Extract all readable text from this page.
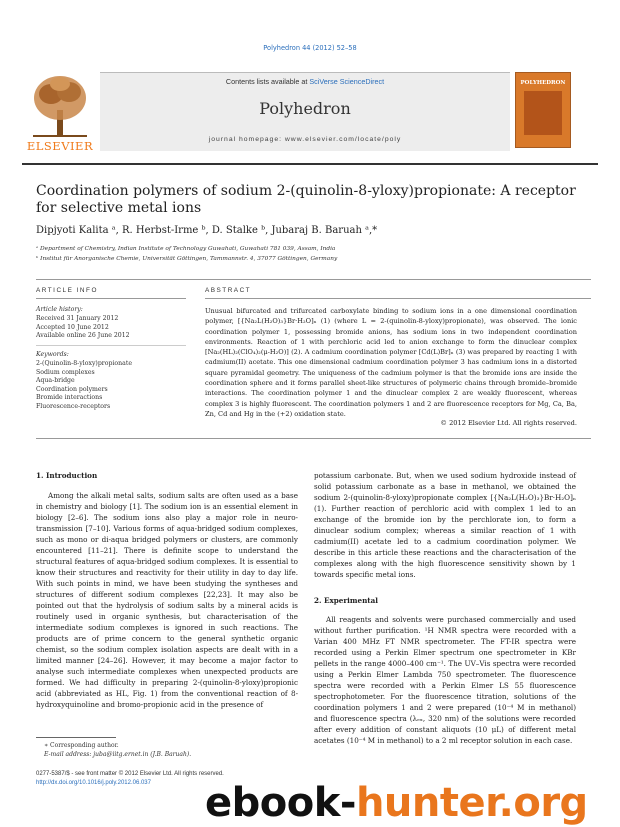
Polyhedron 44 (2012) 52–58
ELSEVIER
Contents lists available at SciVerse ScienceDirect
Polyhedron
journal homepage: www.elsevier.com/locate/poly
POLYHEDRON
Coordination polymers of sodium 2-(quinolin-8-yloxy)propionate: A receptor for selective metal ions
Dipjyoti Kalita ᵃ, R. Herbst-Irme ᵇ, D. Stalke ᵇ, Jubaraj B. Baruah ᵃ,*
ᵃ Department of Chemistry, Indian Institute of Technology Guwahati, Guwahati 781 039, Assam, India
ᵇ Institut für Anorganische Chemie, Universität Göttingen, Tammannstr. 4, 37077 Göttingen, Germany
ARTICLE INFO
Article history:
Received 31 January 2012
Accepted 10 June 2012
Available online 26 June 2012
Keywords:
2-(Quinolin-8-yloxy)propionate
Sodium complexes
Aqua-bridge
Coordination polymers
Bromide interactions
Fluorescence-receptors
ABSTRACT
Unusual bifurcated and trifurcated carboxylate binding to sodium ions in a one dimensional coordination polymer, [{Na₂L(H₂O)₃}Br·H₂O]ₙ (1) (where L = 2-(quinolin-8-yloxy)propionate), was observed. The ionic coordination polymer 1, possessing bromide anions, has sodium ions in two independent coordination environments. Reaction of 1 with perchloric acid led to anion exchange to form the dinuclear complex [Na₂(HL)₂(ClO₄)₂(μ-H₂O)] (2). A cadmium coordination polymer [Cd(L)Br]ₙ (3) was prepared by reacting 1 with cadmium(II) acetate. This one dimensional cadmium coordination polymer 3 has cadmium ions in a distorted square pyramidal geometry. The uniqueness of the cadmium polymer is that the bromide ions are inside the coordination sphere and it forms parallel sheet-like structures of polymeric chains through bromide–bromide interactions. The coordination polymer 1 and the dinuclear complex 2 are weakly fluorescent, whereas complex 3 is highly fluorescent. The coordination polymers 1 and 2 are fluorescence receptors for Mg, Ca, Ba, Zn, Cd and Hg in the (+2) oxidation state.
© 2012 Elsevier Ltd. All rights reserved.
1. Introduction

Among the alkali metal salts, sodium salts are often used as a base in chemistry and biology [1]. The sodium ion is an essential element in biology [2–6]. The sodium ions also play a major role in neuro-transmission [7–10]. Various forms of aqua-bridged sodium complexes, such as mono or di-aqua bridged polymers or clusters, are commonly encountered [11–21]. There is definite scope to understand the structural features of aqua-bridged sodium complexes. It is essential to know their structures and reactivity for their utility in day to day life. With such points in mind, we have been studying the syntheses and structures of different sodium complexes [22,23]. It may also be pointed out that the hydrolysis of sodium salts by a mineral acids is routinely used in organic synthesis, but characterisation of the intermediate sodium complexes is ignored in such reactions. The products are of prime concern to the general synthetic organic chemist, so the sodium complex isolation aspects are dealt with in a limited manner [24–26]. However, it may become a major factor to analyse such intermediate complexes when unexpected products are formed. We had difficulty in preparing 2-(quinolin-8-yloxy)propionic acid (abbreviated as HL, Fig. 1) from the conventional reaction of 8-hydroxyquinoline and bromo-propionic acid in the presence of

potassium carbonate. But, when we used sodium hydroxide instead of solid potassium carbonate as a base in methanol, we obtained the sodium 2-(quinolin-8-yloxy)propionate complex [{Na₂L(H₂O)₃}Br·H₂O]ₙ (1). Further reaction of perchloric acid with complex 1 led to an exchange of the bromide ion by the perchlorate ion, to form a dinuclear sodium complex; whereas a similar reaction of 1 with cadmium(II) acetate led to a cadmium coordination polymer. We describe in this article these reactions and the characterisation of the complexes along with the high fluorescence sensitivity shown by 1 towards specific metal ions.

2. Experimental

All reagents and solvents were purchased commercially and used without further purification. ¹H NMR spectra were recorded with a Varian 400 MHz FT NMR spectrometer. The FT-IR spectra were recorded using a Perkin Elmer spectrum one spectrometer in KBr pellets in the range 4000–400 cm⁻¹. The UV–Vis spectra were recorded using a Perkin Elmer Lambda 750 spectrometer. The fluorescence spectra were recorded with a Perkin Elmer LS 55 fluorescence spectrophotometer. For the fluorescence titration, solutions of the coordination polymers 1 and 2 were prepared (10⁻⁴ M in methanol) and fluorescence spectra (λₑₓ, 320 nm) of the solutions were recorded after every addition of constant aliquots (10 μL) of different metal acetates (10⁻⁴ M in methanol) to a 2 ml receptor solution in each case.

∗ Corresponding author.
E-mail address: juba@iitg.ernet.in (J.B. Baruah).
0277-5387/$ - see front matter © 2012 Elsevier Ltd. All rights reserved.
http://dx.doi.org/10.1016/j.poly.2012.06.037	ebook-hunter.org
